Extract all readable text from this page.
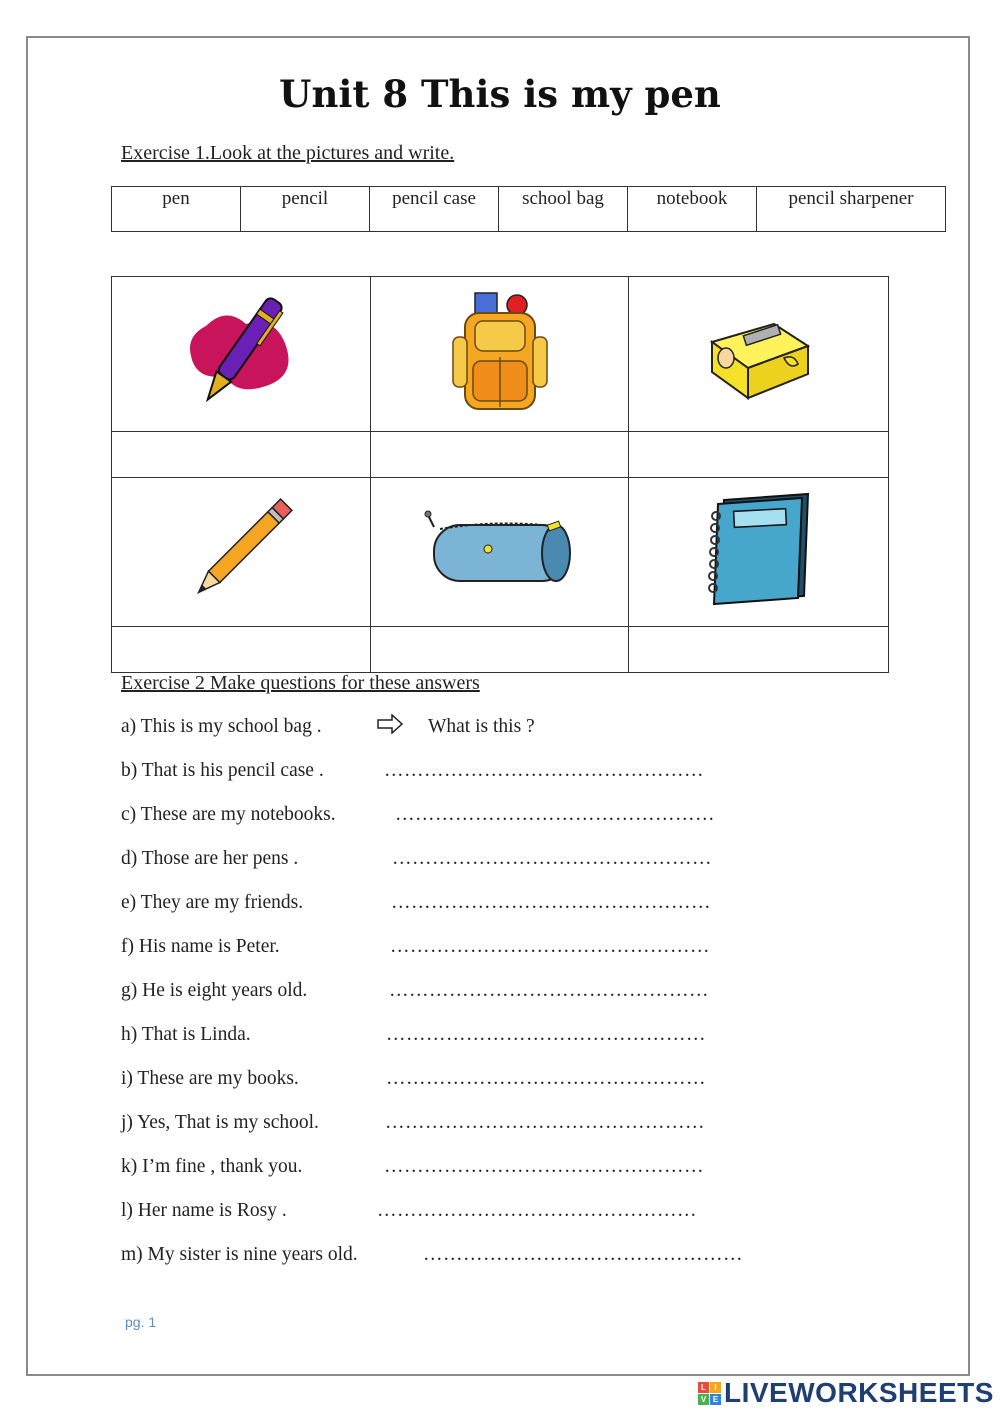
Unit 8 This is my pen
Exercise 1.Look at the pictures and write.
pen	pencil	pencil case	school bag	notebook	pencil sharpener

Exercise 2 Make questions for these answers
a) This is my school bag .	What is this ?
b) That is his pencil case .	…………………………………………
c) These are my notebooks.	…………………………………………
d) Those are her pens .	…………………………………………
e) They are my friends.	…………………………………………
f) His name is Peter.	…………………………………………
g) He is eight years old.	…………………………………………
h) That is Linda.	…………………………………………
i) These are my books.	…………………………………………
j) Yes, That is my school.	…………………………………………
k) I’m fine , thank you.	…………………………………………
l) Her name is Rosy .	…………………………………………
m) My sister is nine years old.	…………………………………………
pg. 1
L	I
V E LIVEWORKSHEETS
